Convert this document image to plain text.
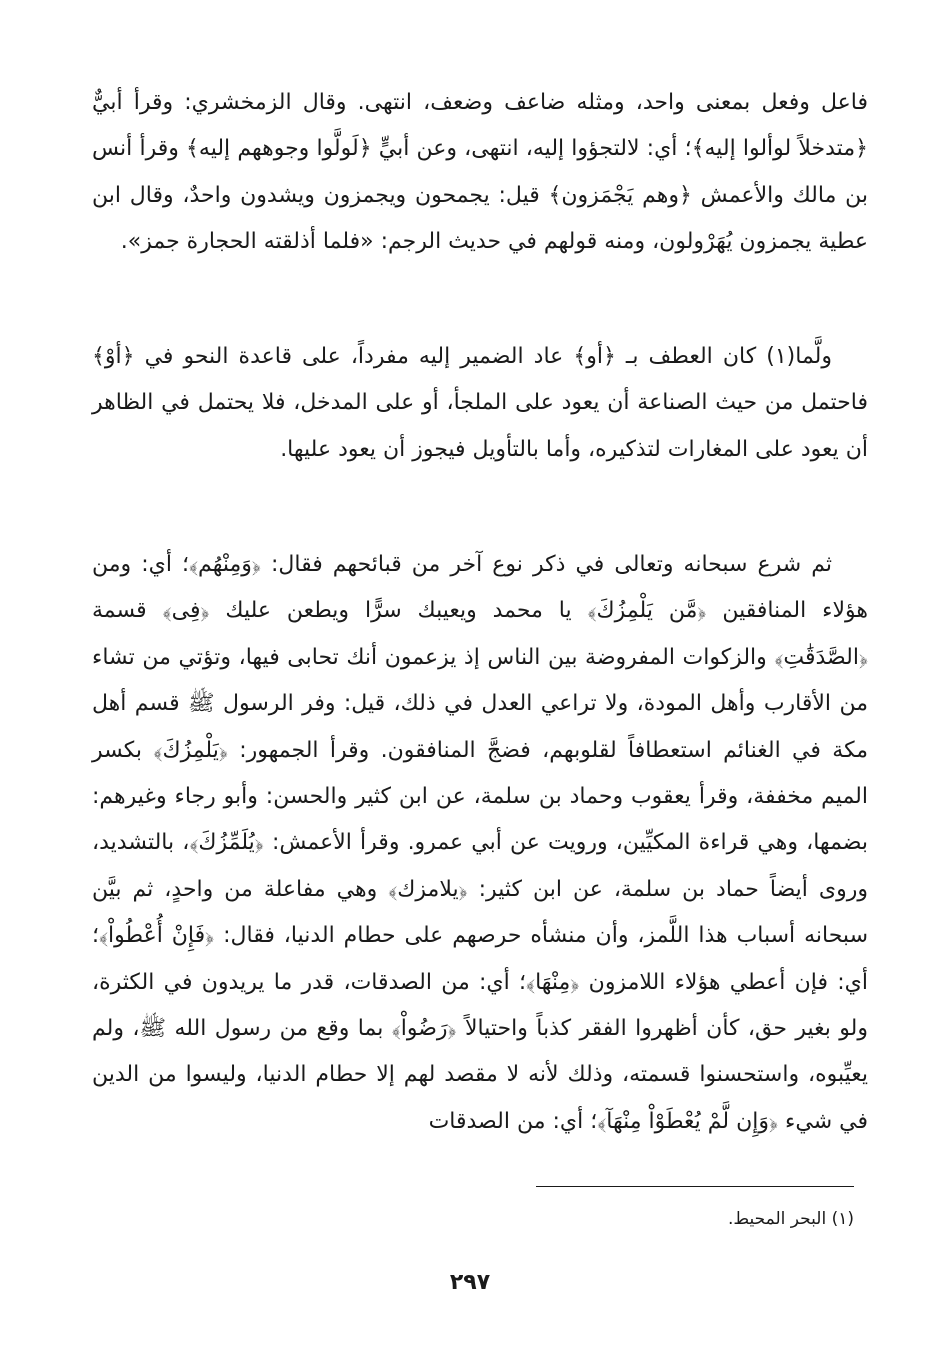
فاعل وفعل بمعنى واحد، ومثله ضاعف وضعف، انتهى. وقال الزمخشري: وقرأ أبيٌّ ﴿متدخلاً لوألوا إليه﴾؛ أي: لالتجؤوا إليه، انتهى، وعن أبيٍّ ﴿لَولَّوا وجوههم إليه﴾ وقرأ أنس بن مالك والأعمش ﴿وهم يَجْمَزون﴾ قيل: يجمحون ويجمزون ويشدون واحدٌ، وقال ابن عطية يجمزون يُهَرْولون، ومنه قولهم في حديث الرجم: «فلما أذلقته الحجارة جمز».

ولَّما(١) كان العطف بـ ﴿أو﴾ عاد الضمير إليه مفرداً، على قاعدة النحو في ﴿أوْ﴾ فاحتمل من حيث الصناعة أن يعود على الملجأ، أو على المدخل، فلا يحتمل في الظاهر أن يعود على المغارات لتذكيره، وأما بالتأويل فيجوز أن يعود عليها.

ثم شرع سبحانه وتعالى في ذكر نوع آخر من قبائحهم فقال: ﴿وَمِنْهُم﴾؛ أي: ومن هؤلاء المنافقين ﴿مَّن يَلْمِزُكَ﴾ يا محمد ويعيبك سرًّا ويطعن عليك ﴿فِى﴾ قسمة ﴿الصَّدَقَٰتِ﴾ والزكوات المفروضة بين الناس إذ يزعمون أنك تحابى فيها، وتؤتي من تشاء من الأقارب وأهل المودة، ولا تراعي العدل في ذلك، قيل: وفر الرسول ﷺ قسم أهل مكة في الغنائم استعطافاً لقلوبهم، فضجَّ المنافقون. وقرأ الجمهور: ﴿يَلْمِزُكَ﴾ بكسر الميم مخففة، وقرأ يعقوب وحماد بن سلمة، عن ابن كثير والحسن: وأبو رجاء وغيرهم: بضمها، وهي قراءة المكيِّين، ورويت عن أبي عمرو. وقرأ الأعمش: ﴿يُلَمِّزُكَ﴾، بالتشديد، وروى أيضاً حماد بن سلمة، عن ابن كثير: ﴿يلامزك﴾ وهي مفاعلة من واحدٍ، ثم بيَّن سبحانه أسباب هذا اللَّمز، وأن منشأه حرصهم على حطام الدنيا، فقال: ﴿فَإِنْ أُعْطُواْ﴾؛ أي: فإن أعطي هؤلاء اللامزون ﴿مِنْهَا﴾؛ أي: من الصدقات، قدر ما يريدون في الكثرة، ولو بغير حق، كأن أظهروا الفقر كذباً واحتيالاً ﴿رَضُواْ﴾ بما وقع من رسول الله ﷺ، ولم يعيِّبوه، واستحسنوا قسمته، وذلك لأنه لا مقصد لهم إلا حطام الدنيا، وليسوا من الدين في شيء ﴿وَإِن لَّمْ يُعْطَوْاْ مِنْهَآ﴾؛ أي: من الصدقات

(١) البحر المحيط.
٢٩٧
